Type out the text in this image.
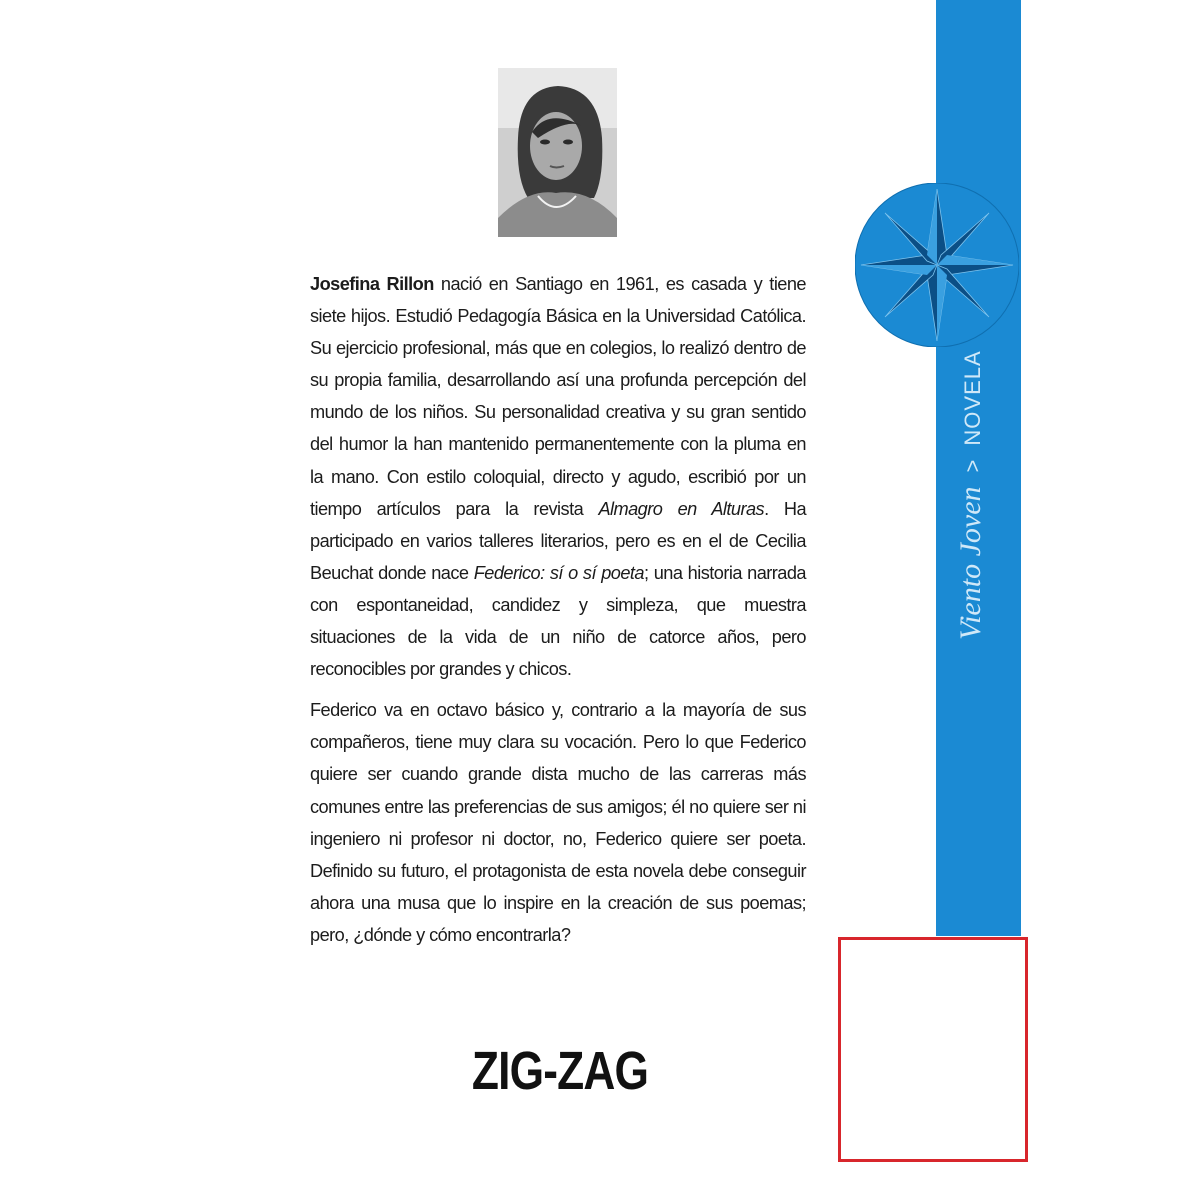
Josefina Rillon nació en Santiago en 1961, es casada y tiene siete hijos. Estudió Pedagogía Básica en la Universidad Católica. Su ejercicio profesional, más que en colegios, lo realizó dentro de su propia familia, desarrollando así una profunda percepción del mundo de los niños. Su personalidad creativa y su gran sentido del humor la han mantenido permanentemente con la pluma en la mano. Con estilo coloquial, directo y agudo, escribió por un tiempo artículos para la revista Almagro en Alturas. Ha participado en varios talleres literarios, pero es en el de Cecilia Beuchat donde nace Federico: sí o sí poeta; una historia narrada con espontaneidad, candidez y simpleza, que muestra situaciones de la vida de un niño de catorce años, pero reconocibles por grandes y chicos.

Federico va en octavo básico y, contrario a la mayoría de sus compañeros, tiene muy clara su vocación. Pero lo que Federico quiere ser cuando grande dista mucho de las carreras más comunes entre las preferencias de sus amigos; él no quiere ser ni ingeniero ni profesor ni doctor, no, Federico quiere ser poeta. Definido su futuro, el protagonista de esta novela debe conseguir ahora una musa que lo inspire en la creación de sus poemas; pero, ¿dónde y cómo encontrarla?

ZIG-ZAG
Viento Joven>NOVELA
